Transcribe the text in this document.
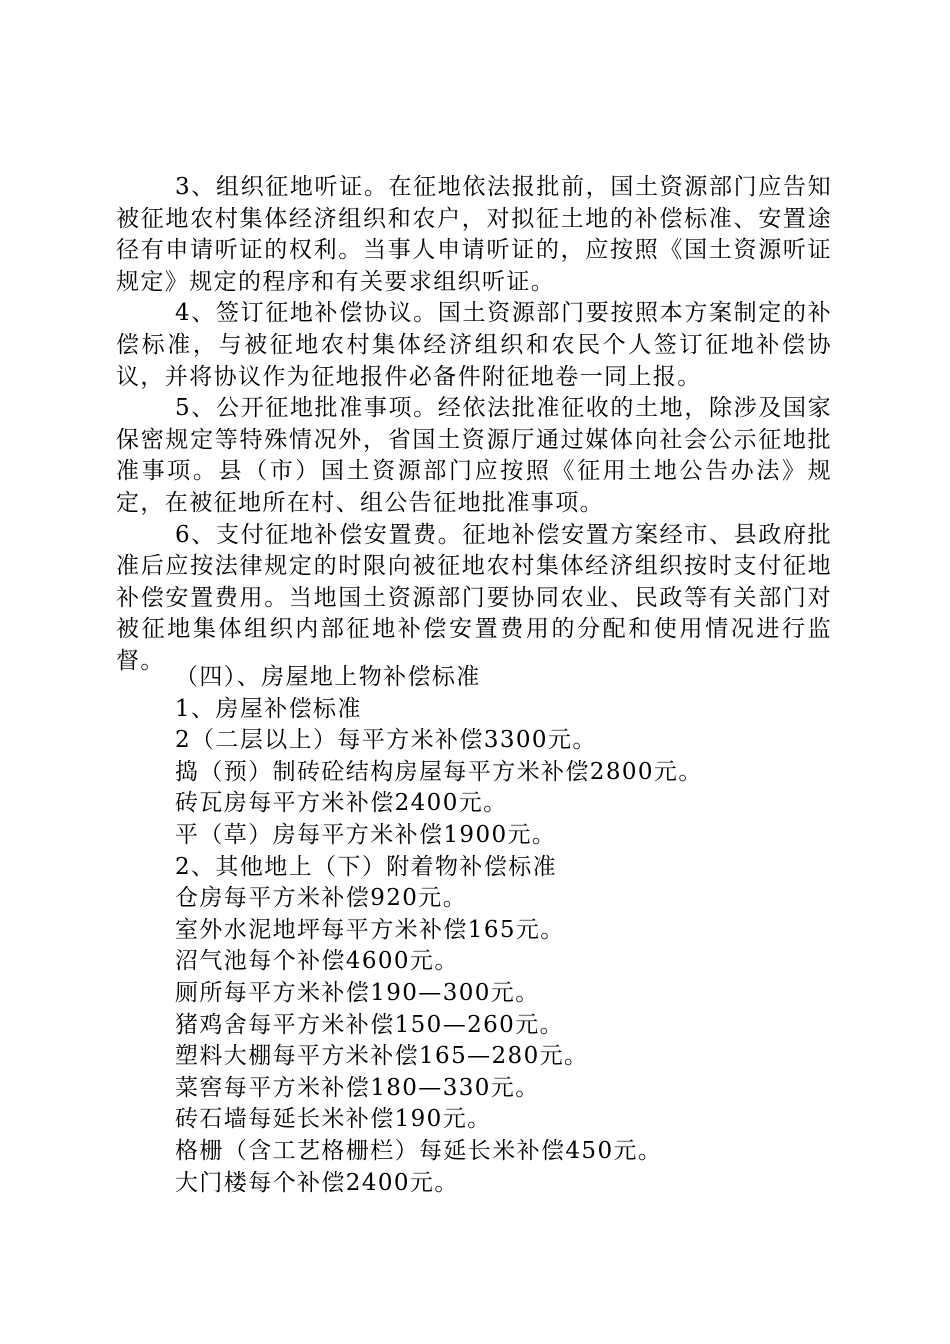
3、组织征地听证。在征地依法报批前，国土资源部门应告知被征地农村集体经济组织和农户，对拟征土地的补偿标准、安置途径有申请听证的权利。当事人申请听证的，应按照《国土资源听证规定》规定的程序和有关要求组织听证。

4、签订征地补偿协议。国土资源部门要按照本方案制定的补偿标准，与被征地农村集体经济组织和农民个人签订征地补偿协议，并将协议作为征地报件必备件附征地卷一同上报。

5、公开征地批准事项。经依法批准征收的土地，除涉及国家保密规定等特殊情况外，省国土资源厅通过媒体向社会公示征地批准事项。县（市）国土资源部门应按照《征用土地公告办法》规定，在被征地所在村、组公告征地批准事项。

6、支付征地补偿安置费。征地补偿安置方案经市、县政府批准后应按法律规定的时限向被征地农村集体经济组织按时支付征地补偿安置费用。当地国土资源部门要协同农业、民政等有关部门对被征地集体组织内部征地补偿安置费用的分配和使用情况进行监督。

（四）、房屋地上物补偿标准

1、房屋补偿标准

2（二层以上）每平方米补偿3300元。

捣（预）制砖砼结构房屋每平方米补偿2800元。

砖瓦房每平方米补偿2400元。

平（草）房每平方米补偿1900元。

2、其他地上（下）附着物补偿标准

仓房每平方米补偿920元。

室外水泥地坪每平方米补偿165元。

沼气池每个补偿4600元。

厕所每平方米补偿190—300元。

猪鸡舍每平方米补偿150—260元。

塑料大棚每平方米补偿165—280元。

菜窖每平方米补偿180—330元。

砖石墙每延长米补偿190元。

格栅（含工艺格栅栏）每延长米补偿450元。

大门楼每个补偿2400元。
